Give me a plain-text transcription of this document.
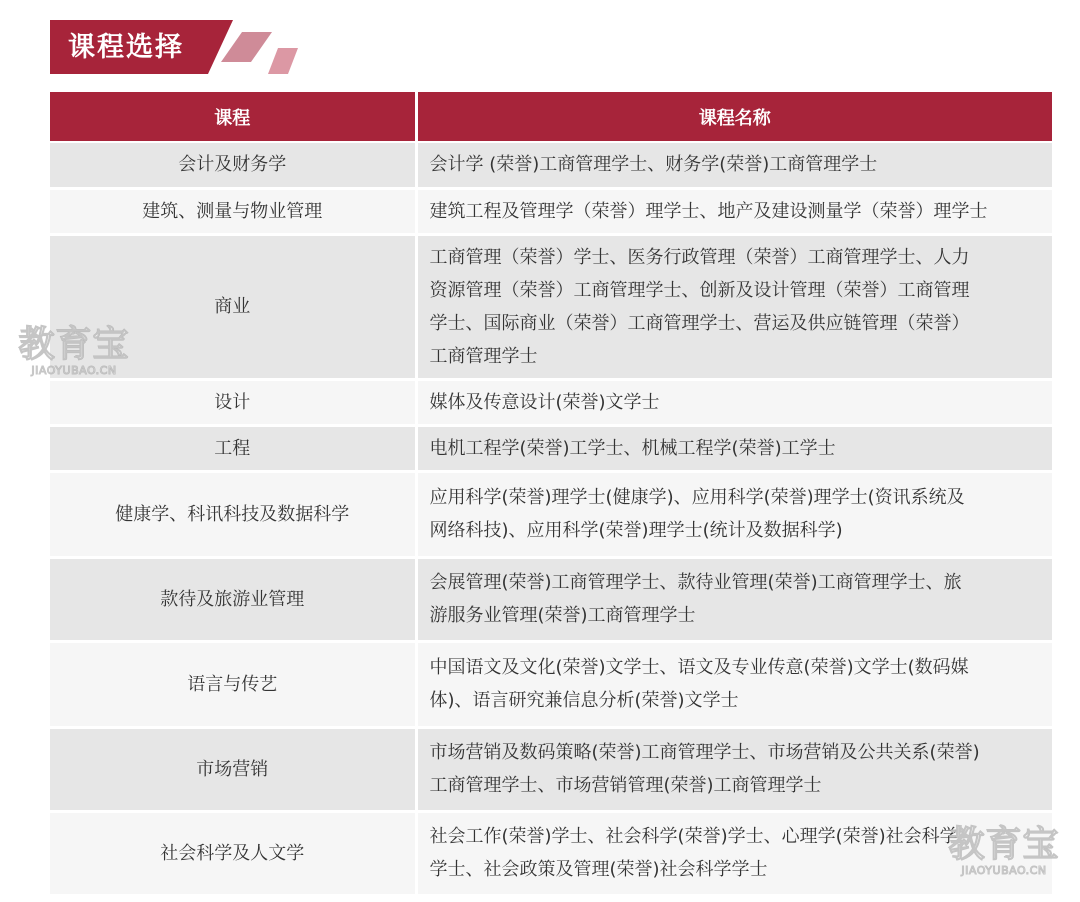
课程选择
课程	课程名称
会计及财务学	会计学 (荣誉)工商管理学士、财务学(荣誉)工商管理学士
建筑、测量与物业管理	建筑工程及管理学（荣誉）理学士、地产及建设测量学（荣誉）理学士
商业	工商管理（荣誉）学士、医务行政管理（荣誉）工商管理学士、人力
资源管理（荣誉）工商管理学士、创新及设计管理（荣誉）工商管理
学士、国际商业（荣誉）工商管理学士、营运及供应链管理（荣誉）
工商管理学士
设计	媒体及传意设计(荣誉)文学士
工程	电机工程学(荣誉)工学士、机械工程学(荣誉)工学士
健康学、科讯科技及数据科学	应用科学(荣誉)理学士(健康学)、应用科学(荣誉)理学士(资讯系统及
网络科技)、应用科学(荣誉)理学士(统计及数据科学)
款待及旅游业管理	会展管理(荣誉)工商管理学士、款待业管理(荣誉)工商管理学士、旅
游服务业管理(荣誉)工商管理学士
语言与传艺	中国语文及文化(荣誉)文学士、语文及专业传意(荣誉)文学士(数码媒
体)、语言研究兼信息分析(荣誉)文学士
市场营销	市场营销及数码策略(荣誉)工商管理学士、市场营销及公共关系(荣誉)
工商管理学士、市场营销管理(荣誉)工商管理学士
社会科学及人文学	社会工作(荣誉)学士、社会科学(荣誉)学士、心理学(荣誉)社会科学
学士、社会政策及管理(荣誉)社会科学学士
教育宝
JIAOYUBAO.CN
教育宝
JIAOYUBAO.CN
